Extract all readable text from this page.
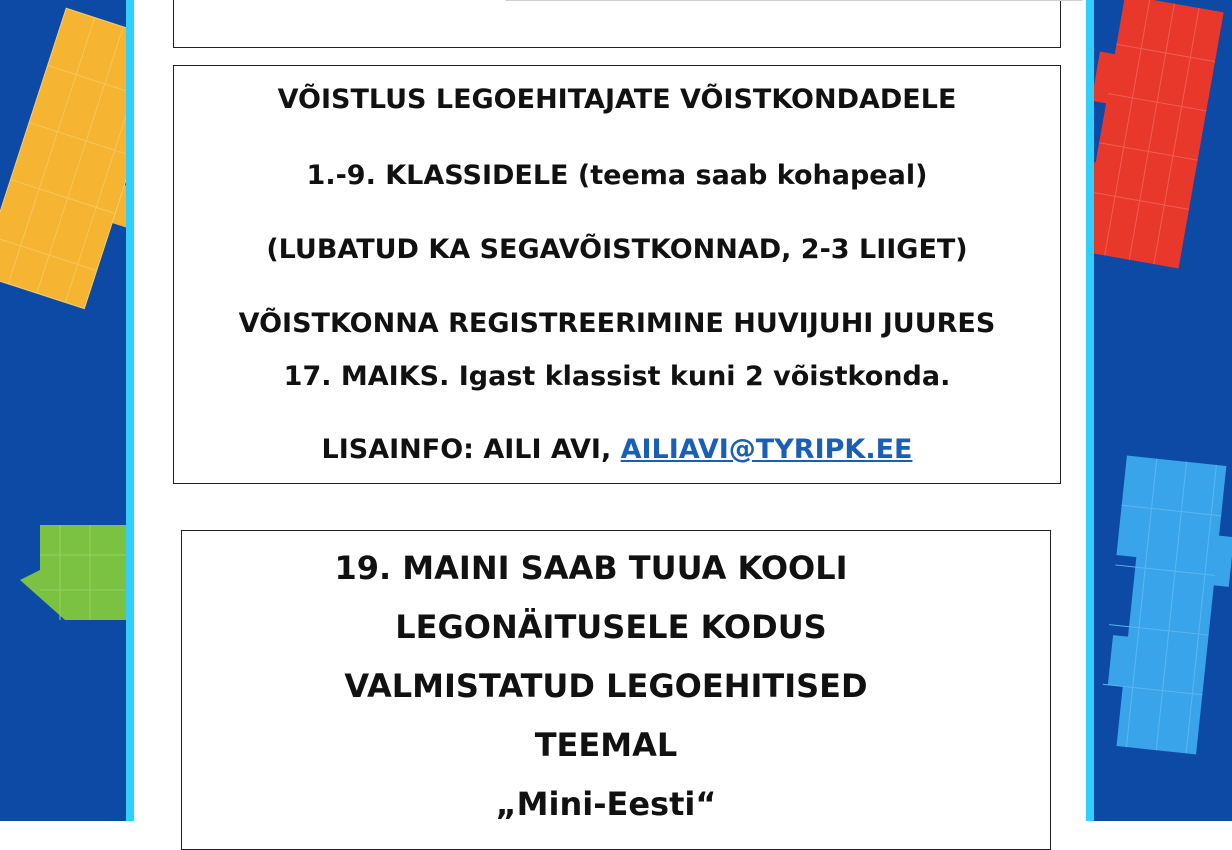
VÕISTLUS LEGOEHITAJATE VÕISTKONDADELE
1.-9. KLASSIDELE (teema saab kohapeal)
(LUBATUD KA SEGAVÕISTKONNAD, 2-3 LIIGET)
VÕISTKONNA REGISTREERIMINE HUVIJUHI JUURES
17. MAIKS. Igast klassist kuni 2 võistkonda.
LISAINFO: AILI AVI, AILIAVI@TYRIPK.EE
19. MAINI SAAB TUUA KOOLI
LEGONÄITUSELE KODUS
VALMISTATUD LEGOEHITISED
TEEMAL
„Mini-Eesti“
